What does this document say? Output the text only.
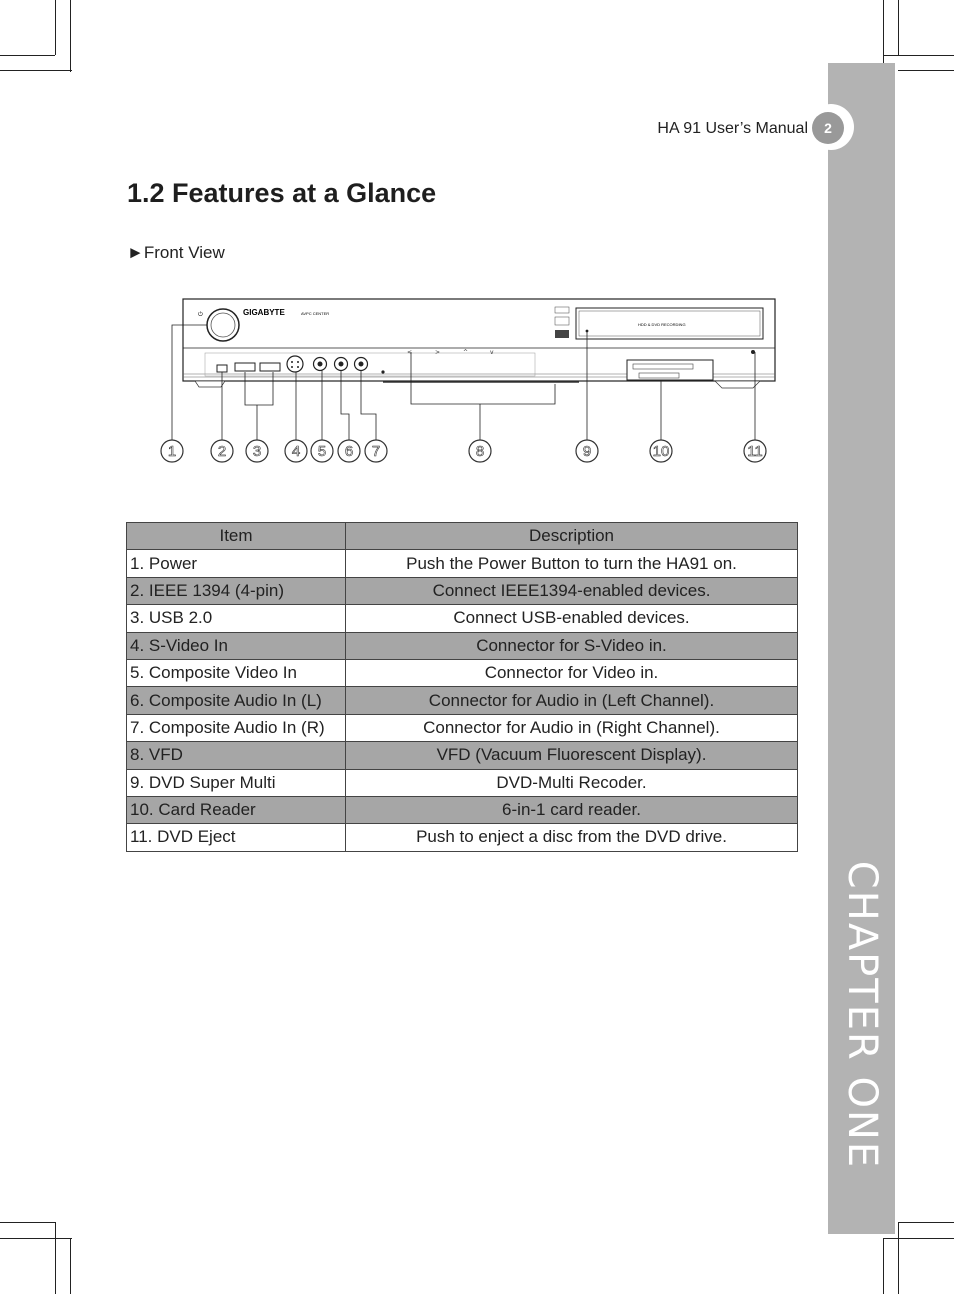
CHAPTER ONE
HA 91 User’s Manual	2
1.2 Features at a Glance
►Front View
⏻	GIGABYTE	AVPC CENTER
HDD & DVD RECORDING
<	>	^	v
1	2 3 4 5 6 7	8	9	10	11
Item	Description
1. Power	Push the Power Button to turn the HA91 on.
2. IEEE 1394 (4-pin)	Connect IEEE1394-enabled devices.
3. USB 2.0	Connect USB-enabled devices.
4. S-Video In	Connector for S-Video in.
5. Composite Video In	Connector for Video in.
6. Composite Audio In (L)	Connector for Audio in (Left Channel).
7. Composite Audio In (R)	Connector for Audio in (Right Channel).
8. VFD	VFD (Vacuum Fluorescent Display).
9. DVD Super Multi	DVD-Multi Recoder.
10. Card Reader	6-in-1 card reader.
11. DVD Eject	Push to enject a disc from the DVD drive.
